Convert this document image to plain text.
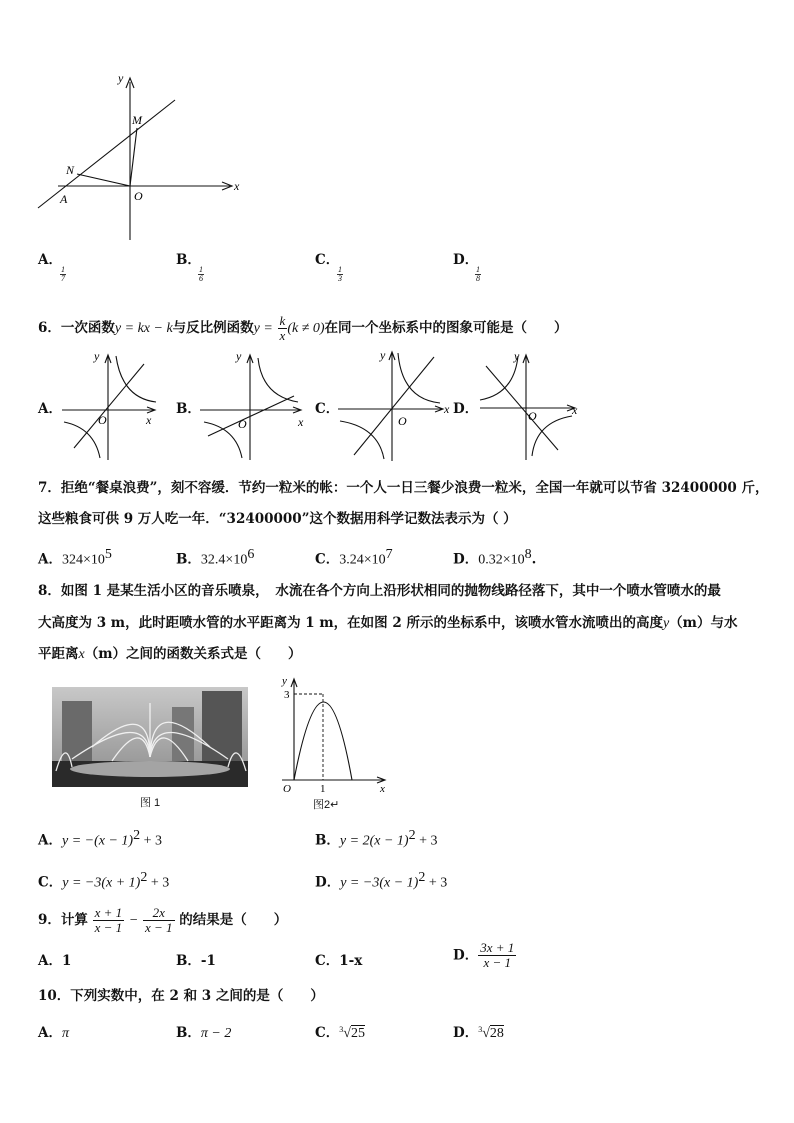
y
x
M
N
A	O
A．
1
7
B．
1
6
C．
1
3
D．
1
8
6．一次函数y = kx − k与反比例函数$y = \frac{k}{x} (k \ne 0)$在同一个坐标系中的图象可能是（　　）
A．
y
x
O
B．
y
x
O
C．
y
x
O
D．
y
x
O
7．拒绝“餐桌浪费”，刻不容缓．节约一粒米的帐：一个人一日三餐少浪费一粒米，全国一年就可以节省 32400000 斤，
这些粮食可供 9 万人吃一年．“32400000”这个数据用科学记数法表示为（ ）
A．$324\times 10^5$	B．$32.4\times 10^6$	C．$3.24\times 10^7$	D．$0.32\times 10^8$.
8．如图 1 是某生活小区的音乐喷泉，　水流在各个方向上沿形状相同的抛物线路径落下，其中一个喷水管喷水的最
大高度为 3 m，此时距喷水管的水平距离为 1 m，在如图 2 所示的坐标系中，该喷水管水流喷出的高度y（m）与水
平距离x（m）之间的函数关系式是（　　）
图 1
y
x
O
3
1
图2↵
A．$y = -(x - 1)^2 + 3$	B．$y = 2(x - 1)^2 + 3$
C．$y = -3(x + 1)^2 + 3$	D．$y = -3(x - 1)^2 + 3$
9．计算 $\frac{x + 1}{x - 1} - \frac{2x}{x - 1}$ 的结果是（　　）
A．1	B．-1	C．1-x	D． $\frac{3x + 1}{x - 1}$
10．下列实数中，在 2 和 3 之间的是（　　）
A．π	B．π − 2	C． 3 √25	D． 3 √28
